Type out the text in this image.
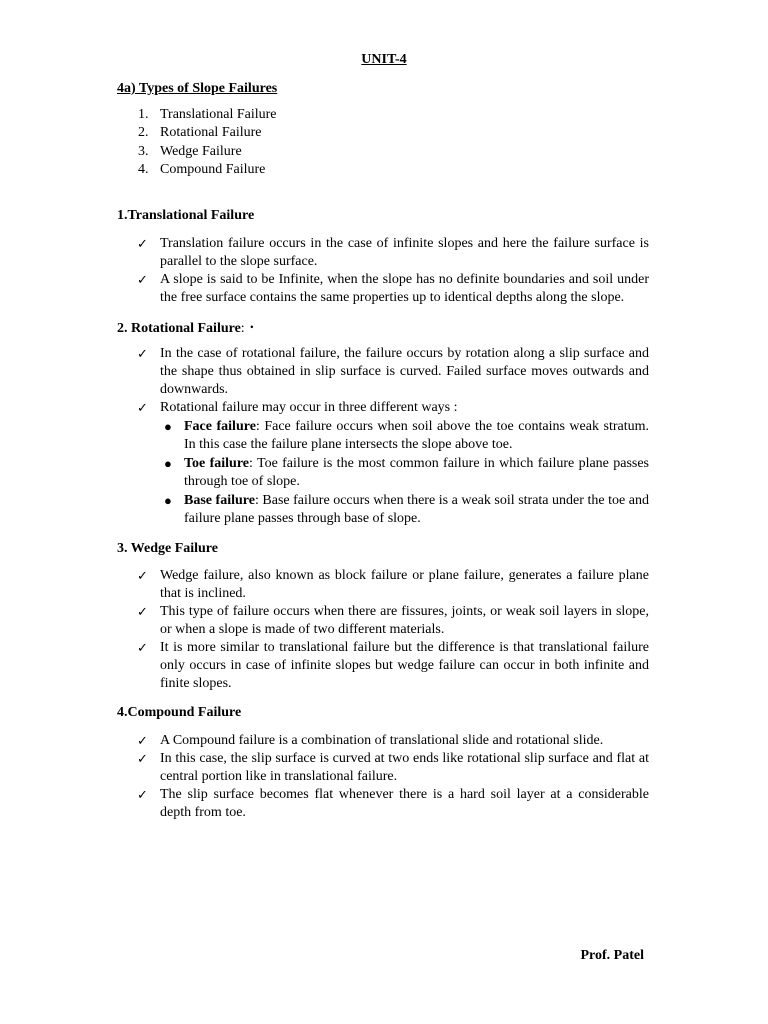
UNIT-4
4a) Types of Slope Failures
1. Translational Failure
2. Rotational Failure
3. Wedge Failure
4. Compound Failure
1.Translational Failure
✓ Translation failure occurs in the case of infinite slopes and here the failure surface is parallel to the slope surface.
✓ A slope is said to be Infinite, when the slope has no definite boundaries and soil under the free surface contains the same properties up to identical depths along the slope.
2. Rotational Failure: •
✓ In the case of rotational failure, the failure occurs by rotation along a slip surface and the shape thus obtained in slip surface is curved. Failed surface moves outwards and downwards.
✓ Rotational failure may occur in three different ways :
● Face failure: Face failure occurs when soil above the toe contains weak stratum. In this case the failure plane intersects the slope above toe.
● Toe failure: Toe failure is the most common failure in which failure plane passes through toe of slope.
● Base failure: Base failure occurs when there is a weak soil strata under the toe and failure plane passes through base of slope.
3. Wedge Failure
✓ Wedge failure, also known as block failure or plane failure, generates a failure plane that is inclined.
✓ This type of failure occurs when there are fissures, joints, or weak soil layers in slope, or when a slope is made of two different materials.
✓ It is more similar to translational failure but the difference is that translational failure only occurs in case of infinite slopes but wedge failure can occur in both infinite and finite slopes.
4.Compound Failure
✓ A Compound failure is a combination of translational slide and rotational slide.
✓ In this case, the slip surface is curved at two ends like rotational slip surface and flat at central portion like in translational failure.
✓ The slip surface becomes flat whenever there is a hard soil layer at a considerable depth from toe.
Prof. Patel
